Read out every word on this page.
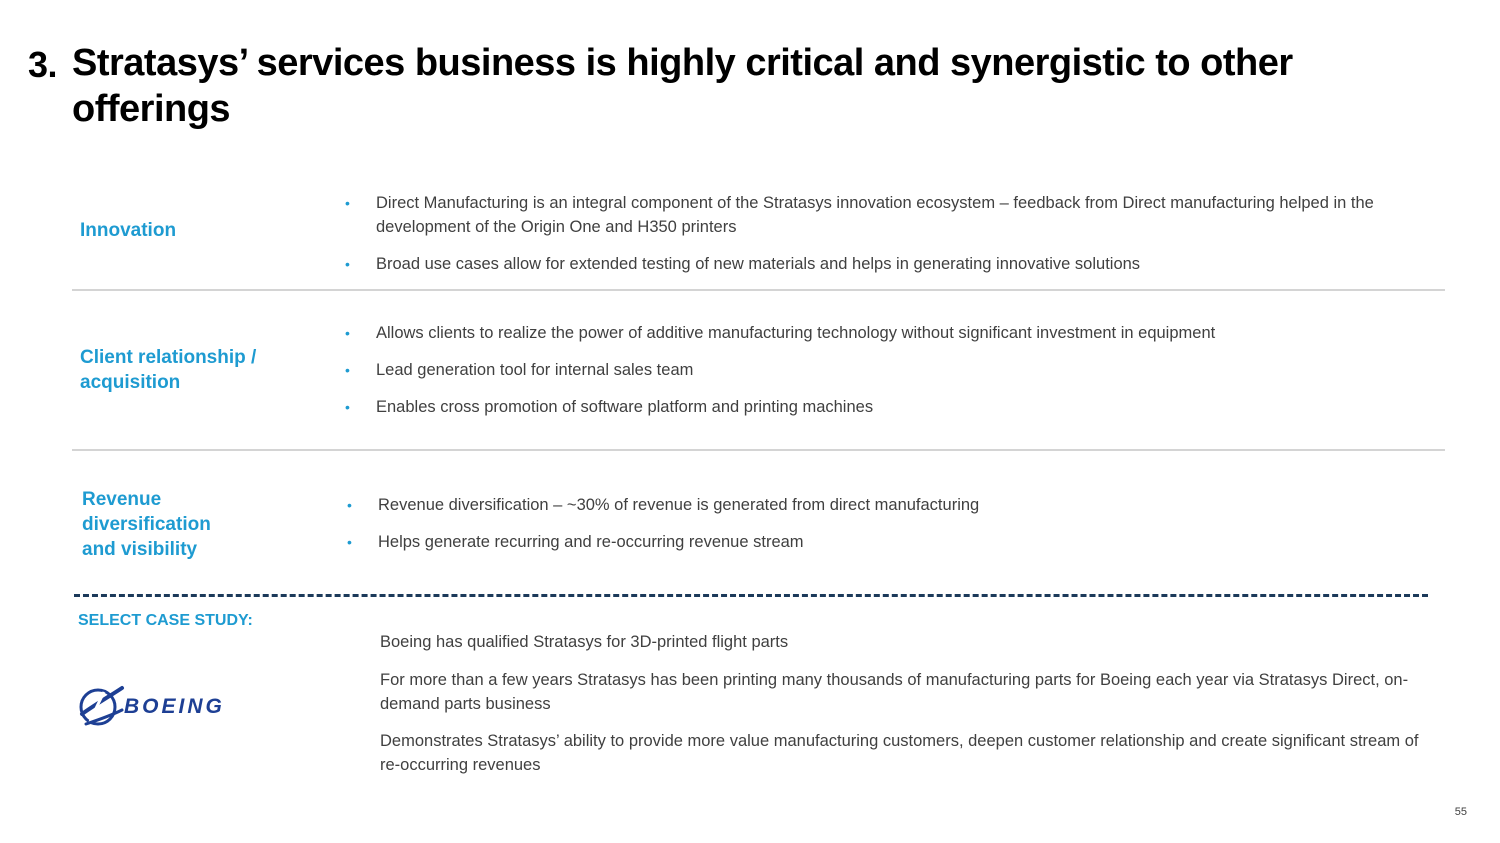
3. Stratasys’ services business is highly critical and synergistic to other offerings
Innovation
• Direct Manufacturing is an integral component of the Stratasys innovation ecosystem – feedback from Direct manufacturing helped in the development of the Origin One and H350 printers
• Broad use cases allow for extended testing of new materials and helps in generating innovative solutions
Client relationship / acquisition
• Allows clients to realize the power of additive manufacturing technology without significant investment in equipment
• Lead generation tool for internal sales team
• Enables cross promotion of software platform and printing machines
Revenue diversification and visibility
• Revenue diversification – ~30% of revenue is generated from direct manufacturing
• Helps generate recurring and re-occurring revenue stream
SELECT CASE STUDY:
BOEING
Boeing has qualified Stratasys for 3D-printed flight parts
For more than a few years Stratasys has been printing many thousands of manufacturing parts for Boeing each year via Stratasys Direct, on-demand parts business
Demonstrates Stratasys’ ability to provide more value manufacturing customers, deepen customer relationship and create significant stream of re-occurring revenues
55
